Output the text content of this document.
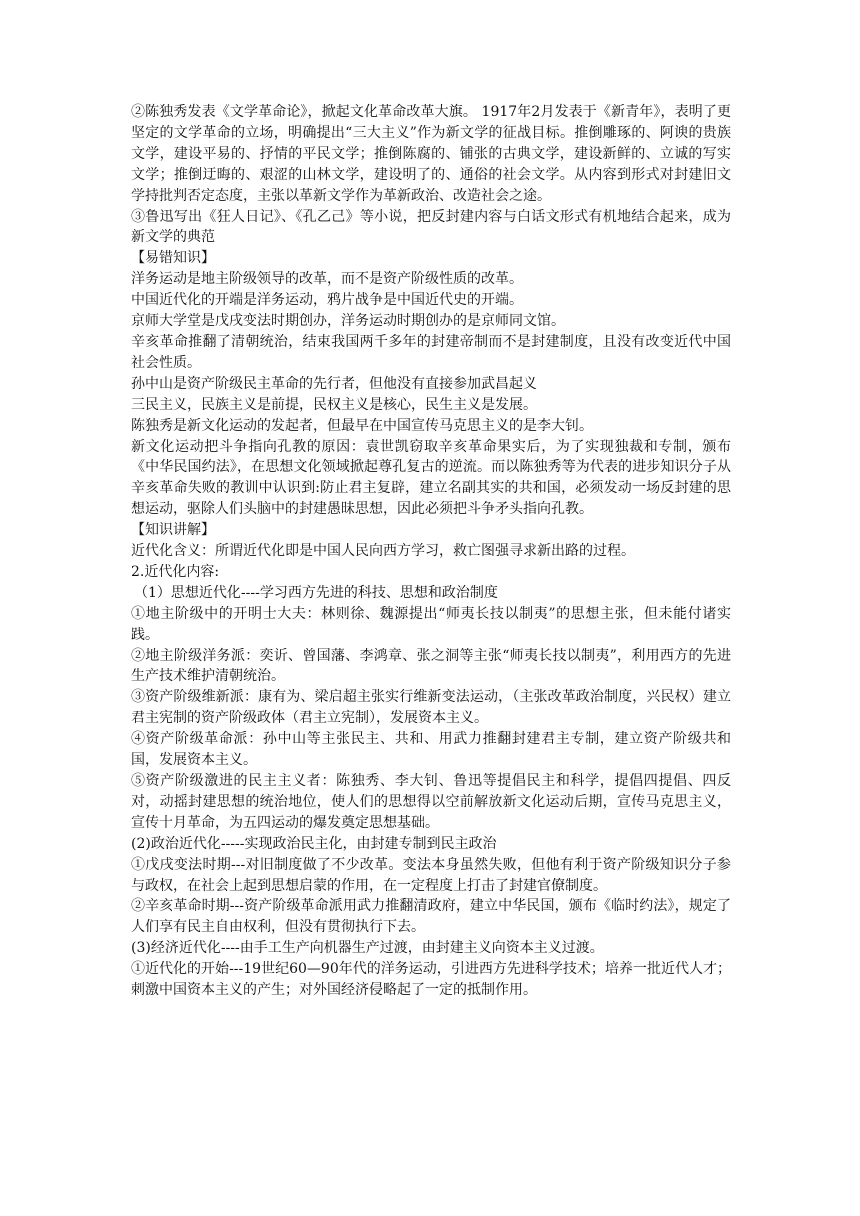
②陈独秀发表《文学革命论》，掀起文化革命改革大旗。 1917年2月发表于《新青年》，表明了更坚定的文学革命的立场，明确提出“三大主义”作为新文学的征战目标。推倒雕琢的、阿谀的贵族文学，建设平易的、抒情的平民文学；推倒陈腐的、铺张的古典文学，建设新鲜的、立诚的写实文学；推倒迂晦的、艰涩的山林文学，建设明了的、通俗的社会文学。从内容到形式对封建旧文学持批判否定态度，主张以革新文学作为革新政治、改造社会之途。

③鲁迅写出《狂人日记》、《孔乙己》等小说，把反封建内容与白话文形式有机地结合起来，成为新文学的典范

【易错知识】

洋务运动是地主阶级领导的改革，而不是资产阶级性质的改革。

中国近代化的开端是洋务运动，鸦片战争是中国近代史的开端。

京师大学堂是戊戌变法时期创办，洋务运动时期创办的是京师同文馆。

辛亥革命推翻了清朝统治，结束我国两千多年的封建帝制而不是封建制度，且没有改变近代中国社会性质。

孙中山是资产阶级民主革命的先行者，但他没有直接参加武昌起义

三民主义，民族主义是前提，民权主义是核心，民生主义是发展。

陈独秀是新文化运动的发起者，但最早在中国宣传马克思主义的是李大钊。

新文化运动把斗争指向孔教的原因：袁世凯窃取辛亥革命果实后，为了实现独裁和专制，颁布《中华民国约法》，在思想文化领域掀起尊孔复古的逆流。而以陈独秀等为代表的进步知识分子从辛亥革命失败的教训中认识到:防止君主复辟，建立名副其实的共和国，必须发动一场反封建的思想运动，驱除人们头脑中的封建愚昧思想，因此必须把斗争矛头指向孔教。

【知识讲解】

近代化含义：所谓近代化即是中国人民向西方学习，救亡图强寻求新出路的过程。

2.近代化内容:

（1）思想近代化----学习西方先进的科技、思想和政治制度

①地主阶级中的开明士大夫：林则徐、魏源提出“师夷长技以制夷”的思想主张，但未能付诸实践。

②地主阶级洋务派：奕䜣、曾国藩、李鸿章、张之洞等主张“师夷长技以制夷”，利用西方的先进生产技术维护清朝统治。

③资产阶级维新派：康有为、梁启超主张实行维新变法运动，（主张改革政治制度，兴民权）建立君主宪制的资产阶级政体（君主立宪制），发展资本主义。

④资产阶级革命派：孙中山等主张民主、共和、用武力推翻封建君主专制，建立资产阶级共和国，发展资本主义。

⑤资产阶级激进的民主主义者：陈独秀、李大钊、鲁迅等提倡民主和科学，提倡四提倡、四反对，动摇封建思想的统治地位，使人们的思想得以空前解放新文化运动后期，宣传马克思主义，宣传十月革命，为五四运动的爆发奠定思想基础。

(2)政治近代化-----实现政治民主化，由封建专制到民主政治

①戊戌变法时期---对旧制度做了不少改革。变法本身虽然失败，但他有利于资产阶级知识分子参与政权，在社会上起到思想启蒙的作用，在一定程度上打击了封建官僚制度。

②辛亥革命时期---资产阶级革命派用武力推翻清政府，建立中华民国，颁布《临时约法》，规定了人们享有民主自由权利，但没有贯彻执行下去。

(3)经济近代化----由手工生产向机器生产过渡，由封建主义向资本主义过渡。

①近代化的开始---19世纪60—90年代的洋务运动，引进西方先进科学技术；培养一批近代人才；刺激中国资本主义的产生；对外国经济侵略起了一定的抵制作用。
